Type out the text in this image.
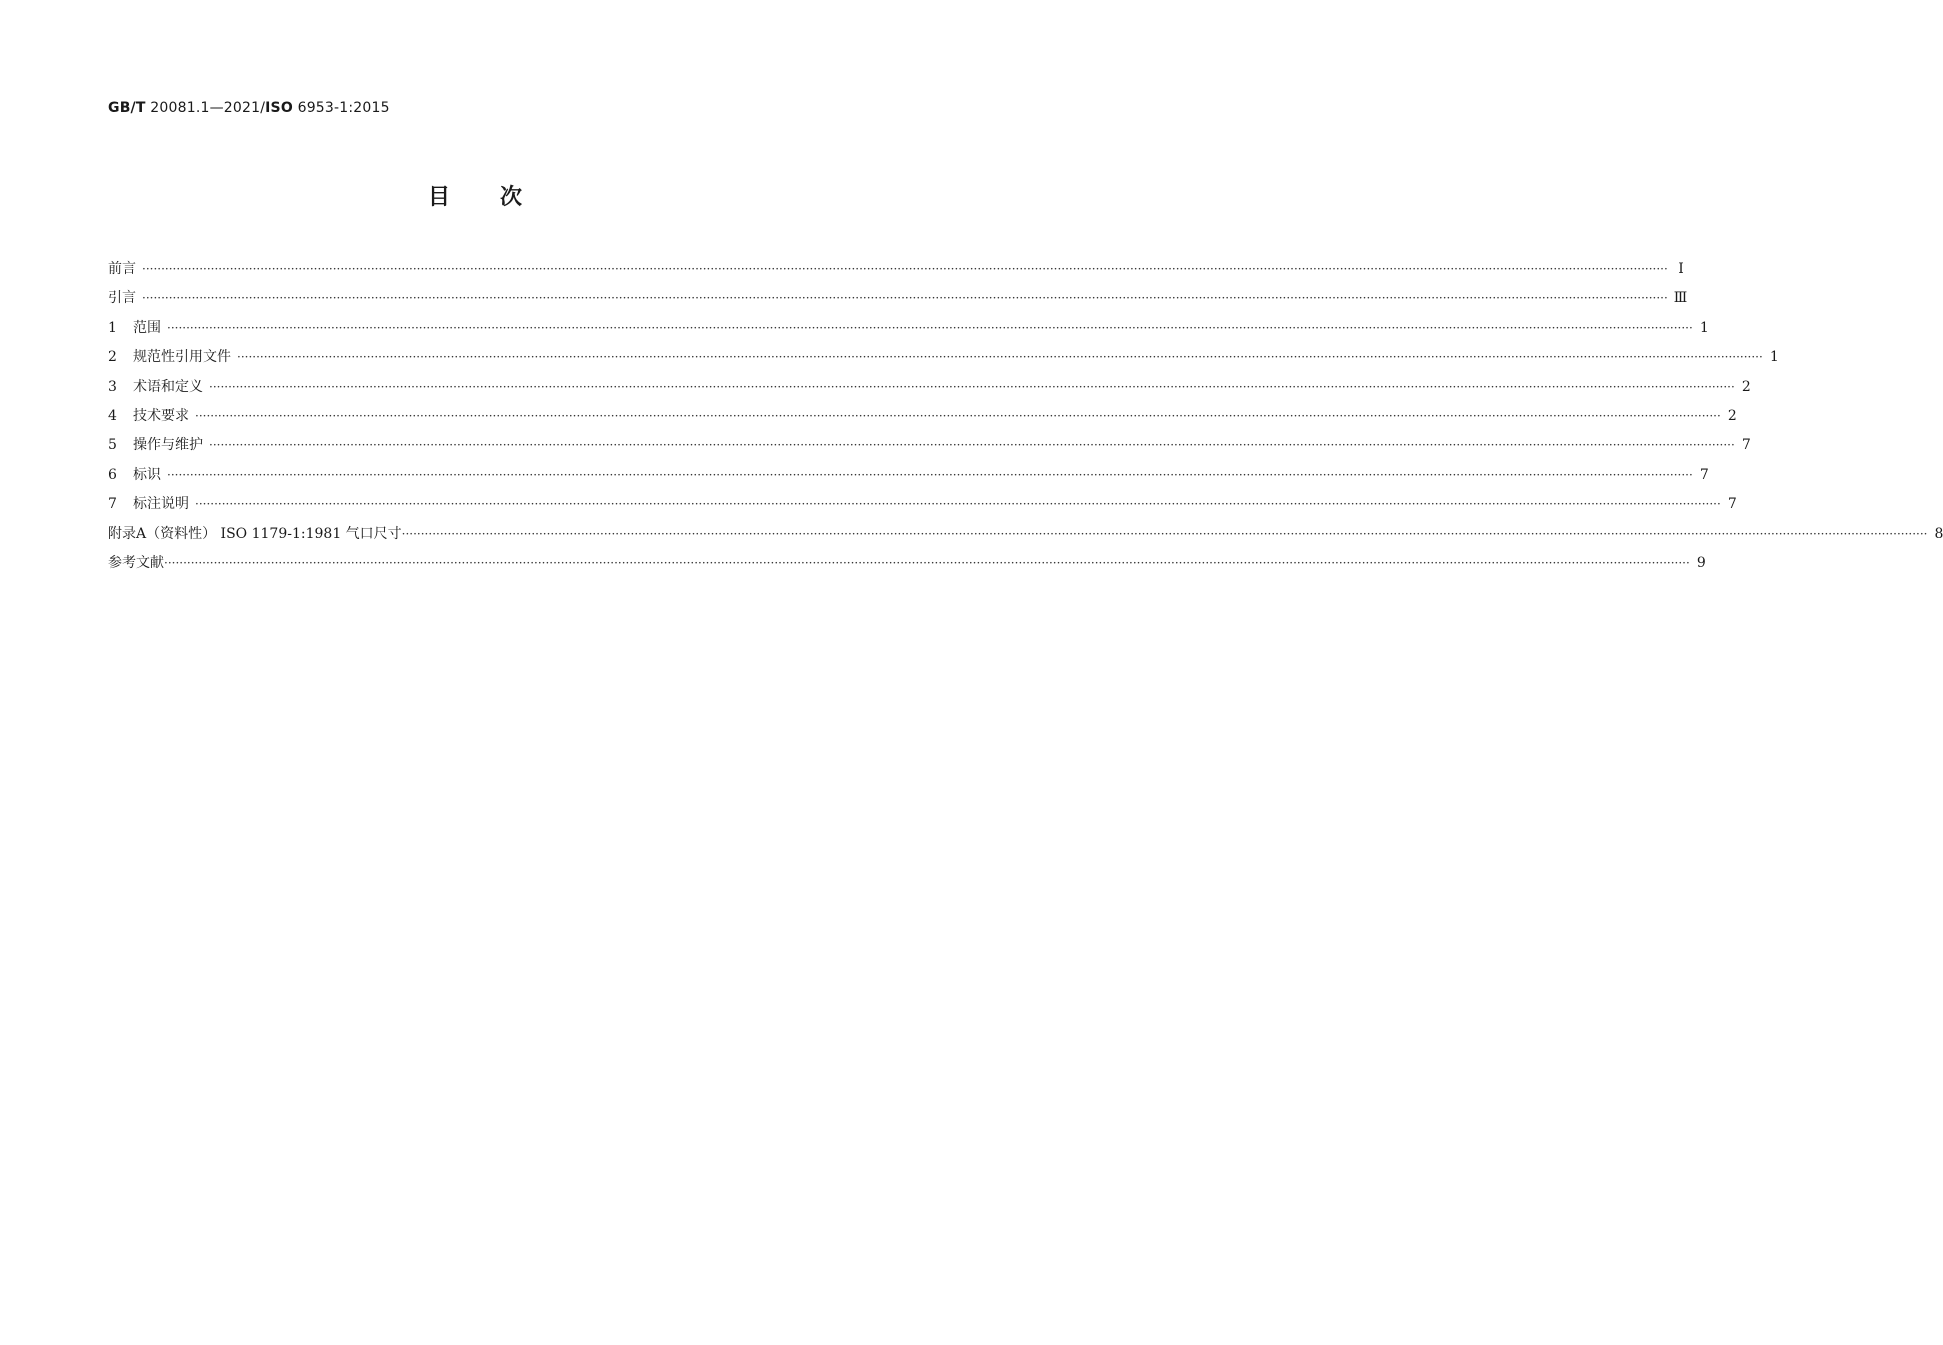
GB/T 20081.1—2021/ISO 6953-1:2015
目次
前言 ················································································································································································································································································································································································································ Ⅰ
引言 ················································································································································································································································································································································································································ Ⅲ
1	范围 ················································································································································································································································································································································································································ 1
2	规范性引用文件 ················································································································································································································································································································································································································ 1
3	术语和定义 ················································································································································································································································································································································································································ 2
4	技术要求 ················································································································································································································································································································································································································ 2
5	操作与维护 ················································································································································································································································································································································································································ 7
6	标识 ················································································································································································································································································································································································································ 7
7	标注说明 ················································································································································································································································································································································································································ 7
附录A（资料性） ISO 1179-1:1981 气口尺寸 ················································································································································································································································································································································································································ 8
参考文献 ················································································································································································································································································································································································································ 9
